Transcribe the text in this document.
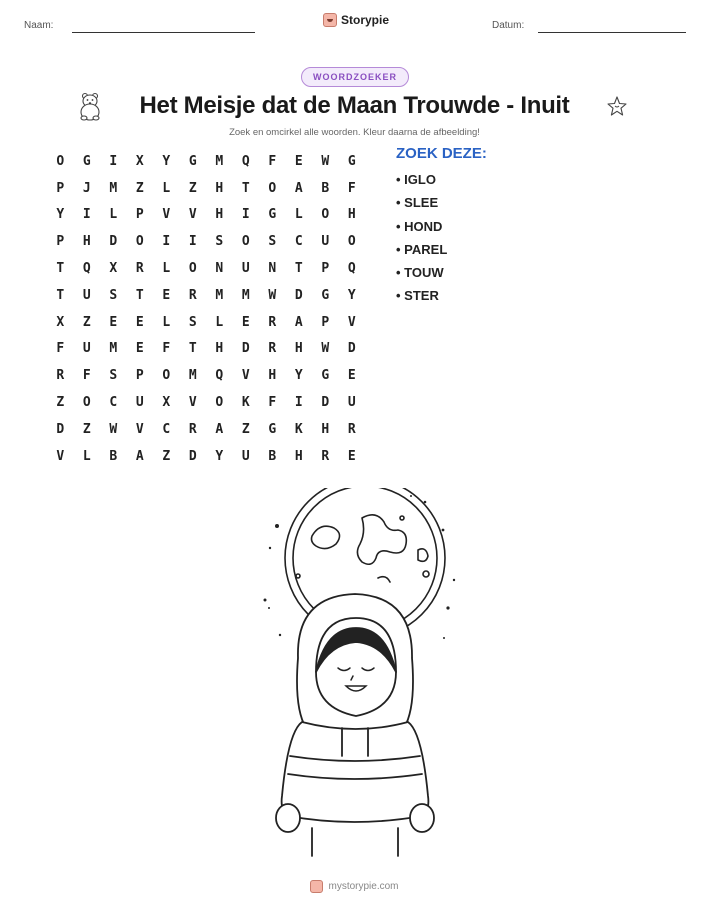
Naam:	Storypie	Datum:
WOORDZOEKER
Het Meisje dat de Maan Trouwde - Inuit
Zoek en omcirkel alle woorden. Kleur daarna de afbeelding!
O	G	I	X	Y	G	M	Q	F	E	W	G
P	J	M	Z	L	Z	H	T	O	A	B	F
Y	I	L	P	V	V	H	I	G	L	O	H
P	H	D	O	I	I	S	O	S	C	U	O
T	Q	X	R	L	O	N	U	N	T	P	Q
T	U	S	T	E	R	M	M	W	D	G	Y
X	Z	E	E	L	S	L	E	R	A	P	V
F	U	M	E	F	T	H	D	R	H	W	D
R	F	S	P	O	M	Q	V	H	Y	G	E
Z	O	C	U	X	V	O	K	F	I	D	U
D	Z	W	V	C	R	A	Z	G	K	H	R
V	L	B	A	Z	D	Y	U	B	H	R	E
ZOEK DEZE:
• IGLO
• SLEE
• HOND
• PAREL
• TOUW
• STER
mystorypie.com
